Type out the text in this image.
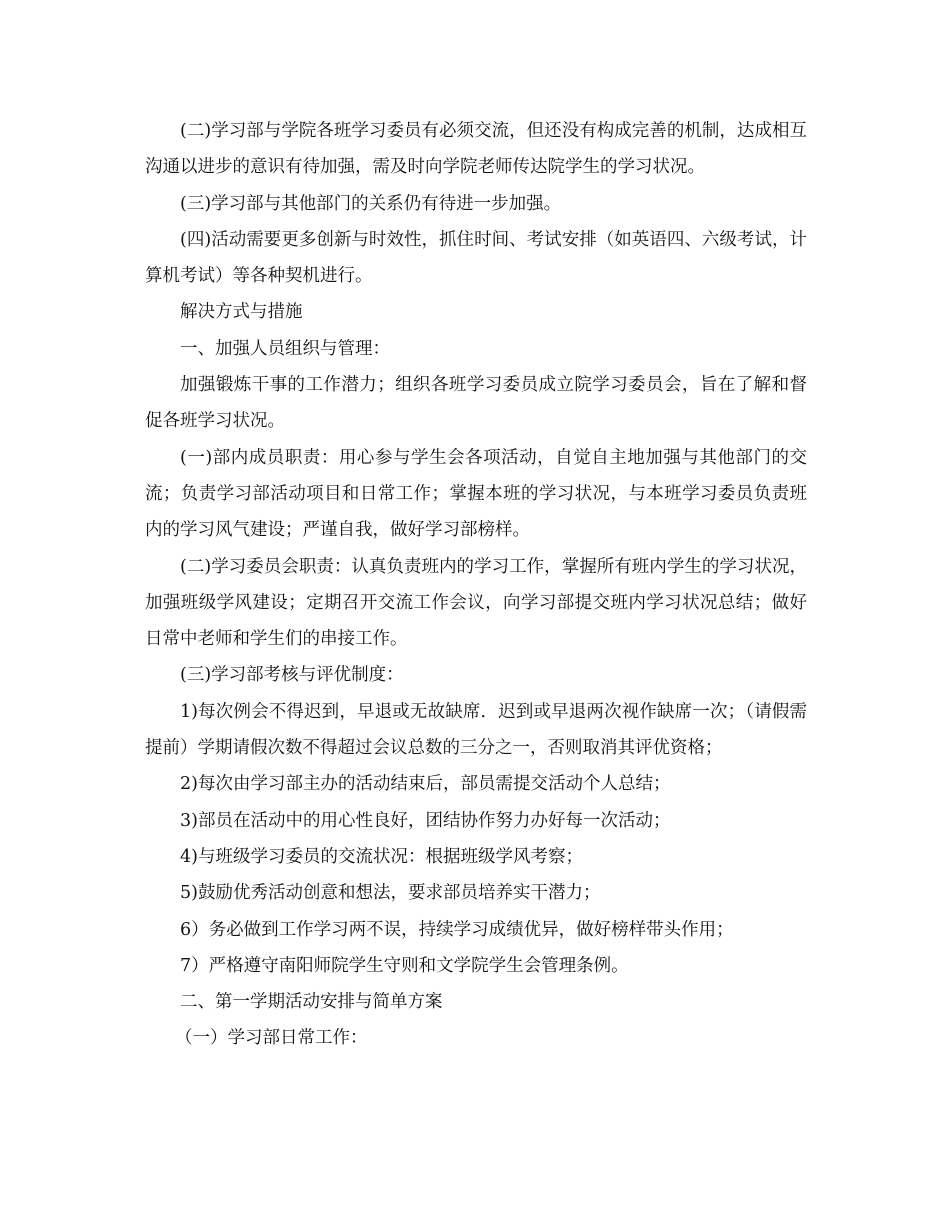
(二)学习部与学院各班学习委员有必须交流，但还没有构成完善的机制，达成相互沟通以进步的意识有待加强，需及时向学院老师传达院学生的学习状况。

(三)学习部与其他部门的关系仍有待进一步加强。

(四)活动需要更多创新与时效性，抓住时间、考试安排（如英语四、六级考试，计算机考试）等各种契机进行。

解决方式与措施

一、加强人员组织与管理：

加强锻炼干事的工作潜力；组织各班学习委员成立院学习委员会，旨在了解和督促各班学习状况。

(一)部内成员职责：用心参与学生会各项活动，自觉自主地加强与其他部门的交流；负责学习部活动项目和日常工作；掌握本班的学习状况，与本班学习委员负责班内的学习风气建设；严谨自我，做好学习部榜样。

(二)学习委员会职责：认真负责班内的学习工作，掌握所有班内学生的学习状况，加强班级学风建设；定期召开交流工作会议，向学习部提交班内学习状况总结；做好日常中老师和学生们的串接工作。

(三)学习部考核与评优制度：

1)每次例会不得迟到，早退或无故缺席．迟到或早退两次视作缺席一次；（请假需提前）学期请假次数不得超过会议总数的三分之一，否则取消其评优资格；

2)每次由学习部主办的活动结束后，部员需提交活动个人总结；

3)部员在活动中的用心性良好，团结协作努力办好每一次活动；

4)与班级学习委员的交流状况：根据班级学风考察；

5)鼓励优秀活动创意和想法，要求部员培养实干潜力；

6）务必做到工作学习两不误，持续学习成绩优异，做好榜样带头作用；

7）严格遵守南阳师院学生守则和文学院学生会管理条例。

二、第一学期活动安排与简单方案

（一）学习部日常工作：
